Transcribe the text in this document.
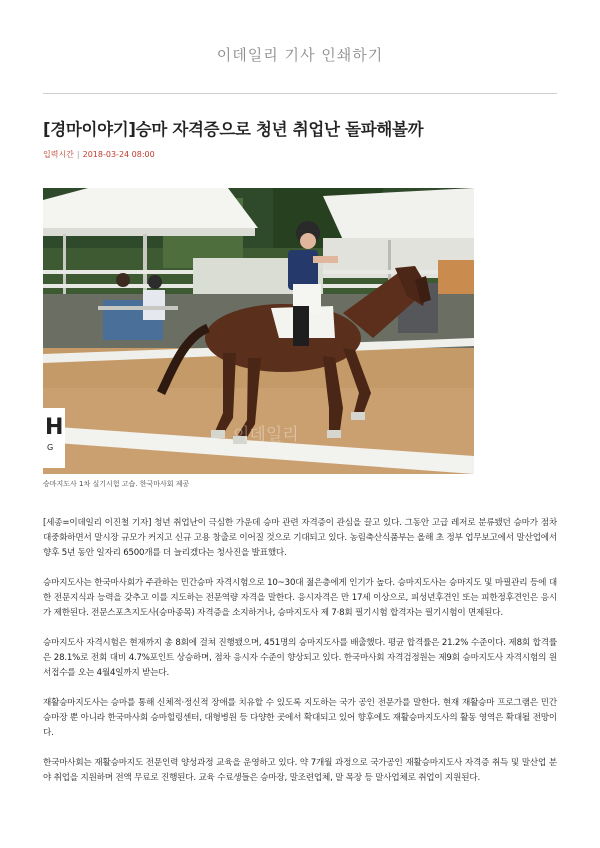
이데일리 기사 인쇄하기
[경마이야기]승마 자격증으로 청년 취업난 돌파해볼까
입력시간 | 2018-03-24 08:00
H
G
이데일리
승마지도사 1차 실기시험 고습. 한국마사회 제공

[세종=이데일리 이진철 기자] 청년 취업난이 극심한 가운데 승마 관련 자격증이 관심을 끌고 있다. 그동안 고급 레저로 분류됐던 승마가 점차 대중화하면서 말시장 규모가 커지고 신규 고용 창출로 이어질 것으로 기대되고 있다. 농림축산식품부는 올해 초 정부 업무보고에서 말산업에서 향후 5년 동안 일자리 6500개를 더 늘리겠다는 청사진을 발표했다.

승마지도사는 한국마사회가 주관하는 민간승마 자격시험으로 10~30대 젊은층에게 인기가 높다. 승마지도사는 승마지도 및 마필관리 등에 대한 전문지식과 능력을 갖추고 이를 지도하는 전문역량 자격을 말한다. 응시자격은 만 17세 이상으로, 피성년후견인 또는 피한정후견인은 응시가 제한된다. 전문스포츠지도사(승마종목) 자격증을 소지하거나, 승마지도사 제 7·8회 필기시험 합격자는 필기시험이 면제된다.

승마지도사 자격시험은 현재까지 총 8회에 걸쳐 진행됐으며, 451명의 승마지도사를 배출했다. 평균 합격률은 21.2% 수준이다. 제8회 합격률은 28.1%로 전회 대비 4.7%포인트 상승하며, 점차 응시자 수준이 향상되고 있다. 한국마사회 자격검정원는 제9회 승마지도사 자격시험의 원서접수를 오는 4월4일까지 받는다.

재활승마지도사는 승마를 통해 신체적·정신적 장애를 치유할 수 있도록 지도하는 국가 공인 전문가를 말한다. 현재 재활승마 프로그램은 민간승마장 뿐 아니라 한국마사회 승마힐링센터, 대형병원 등 다양한 곳에서 확대되고 있어 향후에도 재활승마지도사의 활동 영역은 확대될 전망이다.

한국마사회는 재활승마지도 전문인력 양성과정 교육을 운영하고 있다. 약 7개월 과정으로 국가공인 재활승마지도사 자격증 취득 및 말산업 분야 취업을 지원하며 전액 무료로 진행된다. 교육 수료생들은 승마장, 말조련업체, 말 목장 등 말사업체로 취업이 지원된다.
